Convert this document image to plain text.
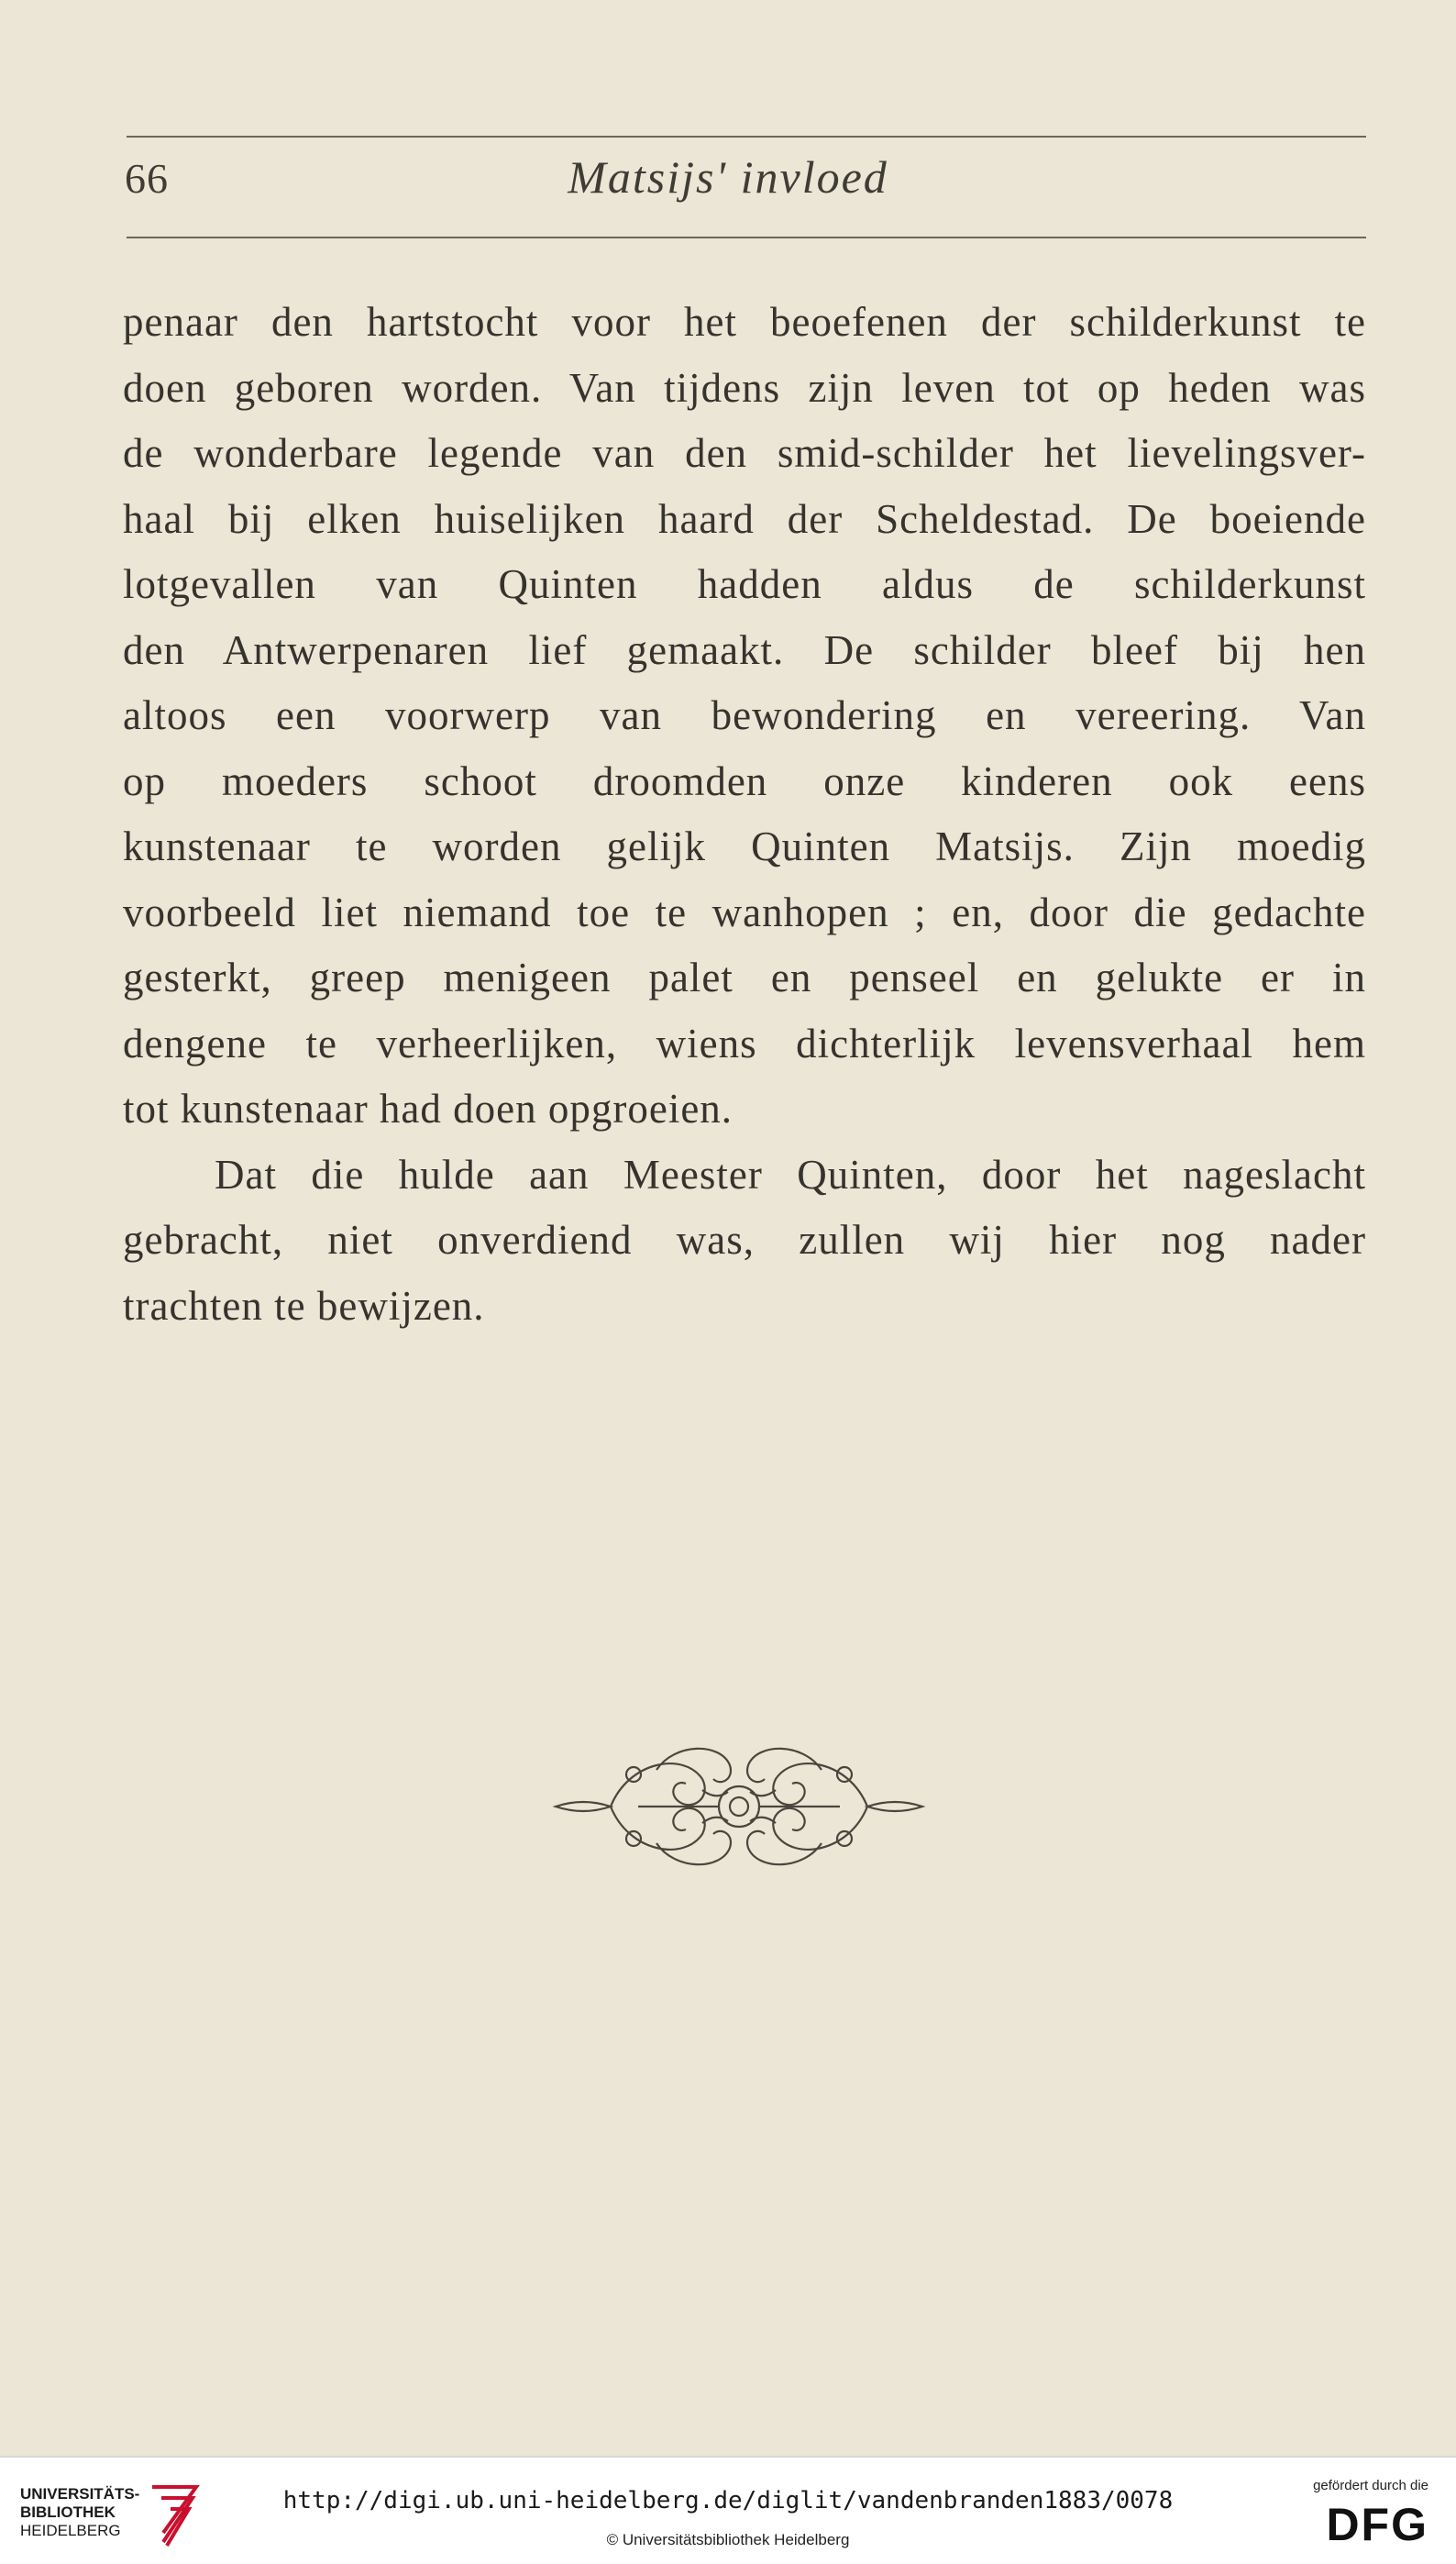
66	Matsijs' invloed
penaar den hartstocht voor het beoefenen der schilderkunst te
doen geboren worden. Van tijdens zijn leven tot op heden was
de wonderbare legende van den smid-schilder het lievelingsver-
haal bij elken huiselijken haard der Scheldestad. De boeiende
lotgevallen van Quinten hadden aldus de schilderkunst
den Antwerpenaren lief gemaakt. De schilder bleef bij hen
altoos een voorwerp van bewondering en vereering. Van
op moeders schoot droomden onze kinderen ook eens
kunstenaar te worden gelijk Quinten Matsijs. Zijn moedig
voorbeeld liet niemand toe te wanhopen ; en, door die gedachte
gesterkt, greep menigeen palet en penseel en gelukte er in
dengene te verheerlijken, wiens dichterlijk levensverhaal hem
tot kunstenaar had doen opgroeien.
Dat die hulde aan Meester Quinten, door het nageslacht
gebracht, niet onverdiend was, zullen wij hier nog nader
trachten te bewijzen.
UNIVERSITÄTS-
BIBLIOTHEK
HEIDELBERG
http://digi.ub.uni-heidelberg.de/diglit/vandenbranden1883/0078
© Universitätsbibliothek Heidelberg
gefördert durch die
DFG
